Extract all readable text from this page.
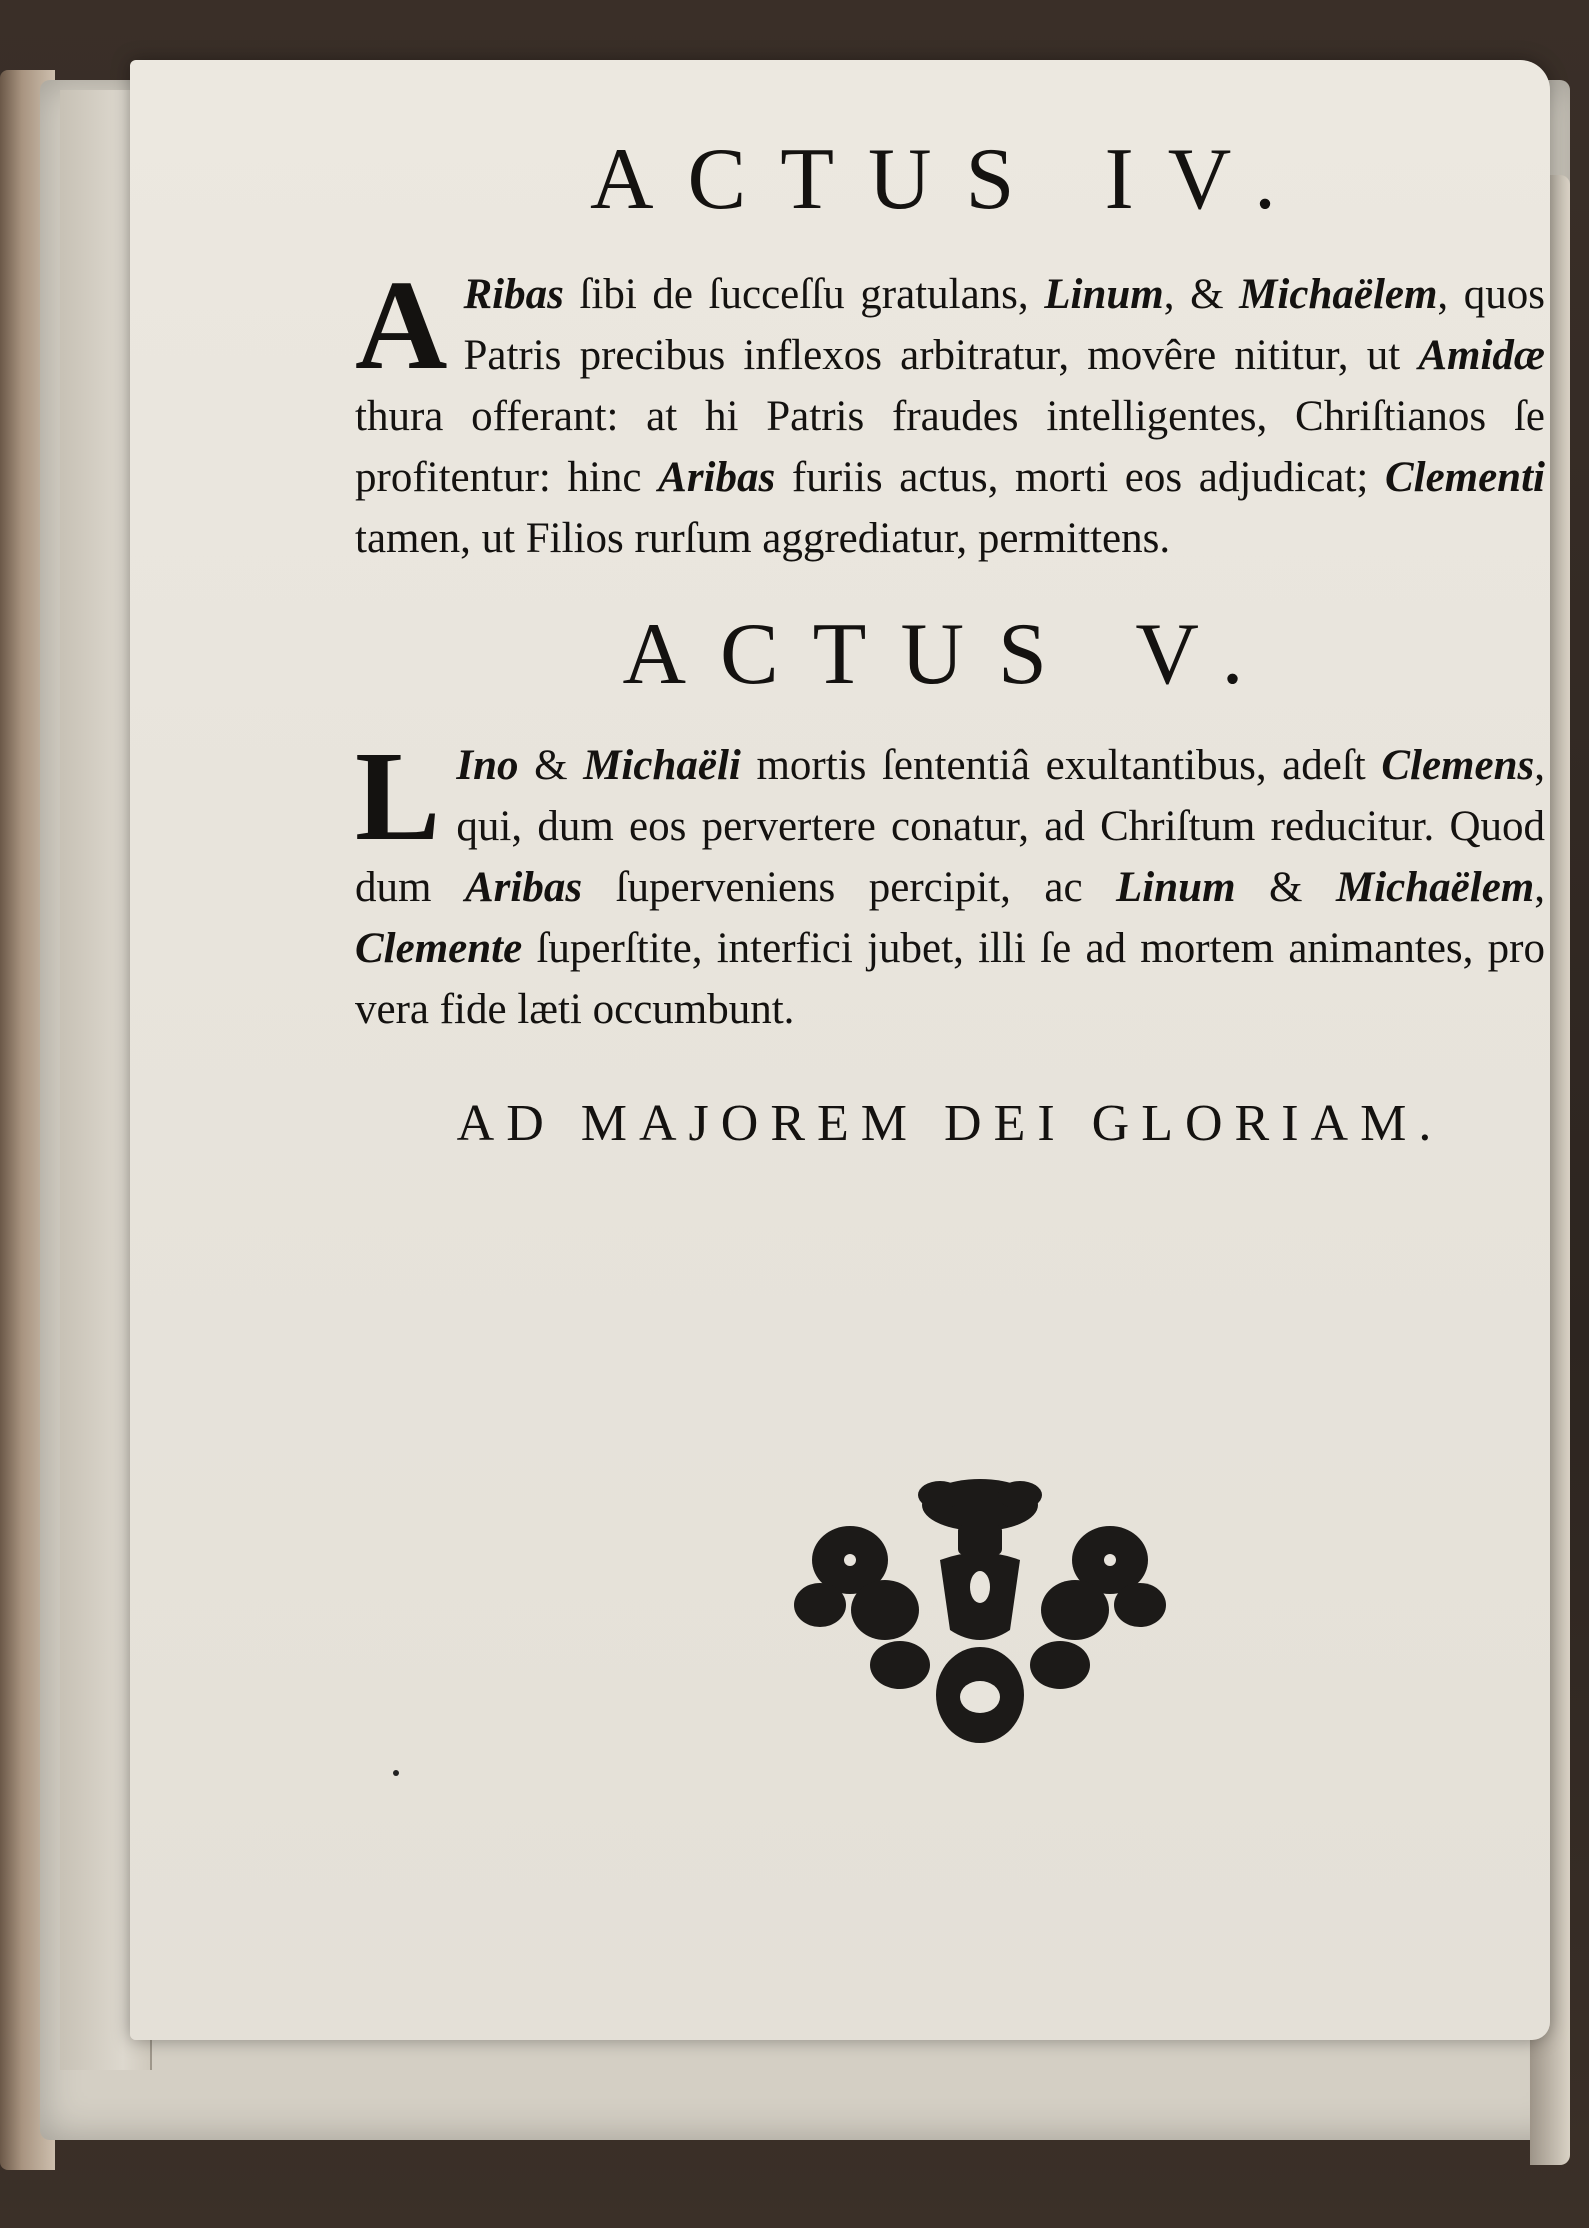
ACTUS IV.

A Ribas ſibi de ſucceſſu gratulans, Linum, & Michaëlem, quos Patris precibus inflexos arbitratur, movêre nititur, ut Amidæ thura offerant: at hi Patris fraudes intelligentes, Chriſtianos ſe profitentur: hinc Aribas furiis actus, morti eos adjudicat; Clementi tamen, ut Filios rurſum aggrediatur, permittens.

ACTUS V.

L Ino & Michaëli mortis ſententiâ exultantibus, adeſt Clemens, qui, dum eos pervertere conatur, ad Chriſtum reducitur. Quod dum Aribas ſuperveniens percipit, ac Linum & Michaëlem, Clemente ſuperſtite, interfici jubet, illi ſe ad mortem animantes, pro vera fide læti occumbunt.

AD MAJOREM DEI GLORIAM.
